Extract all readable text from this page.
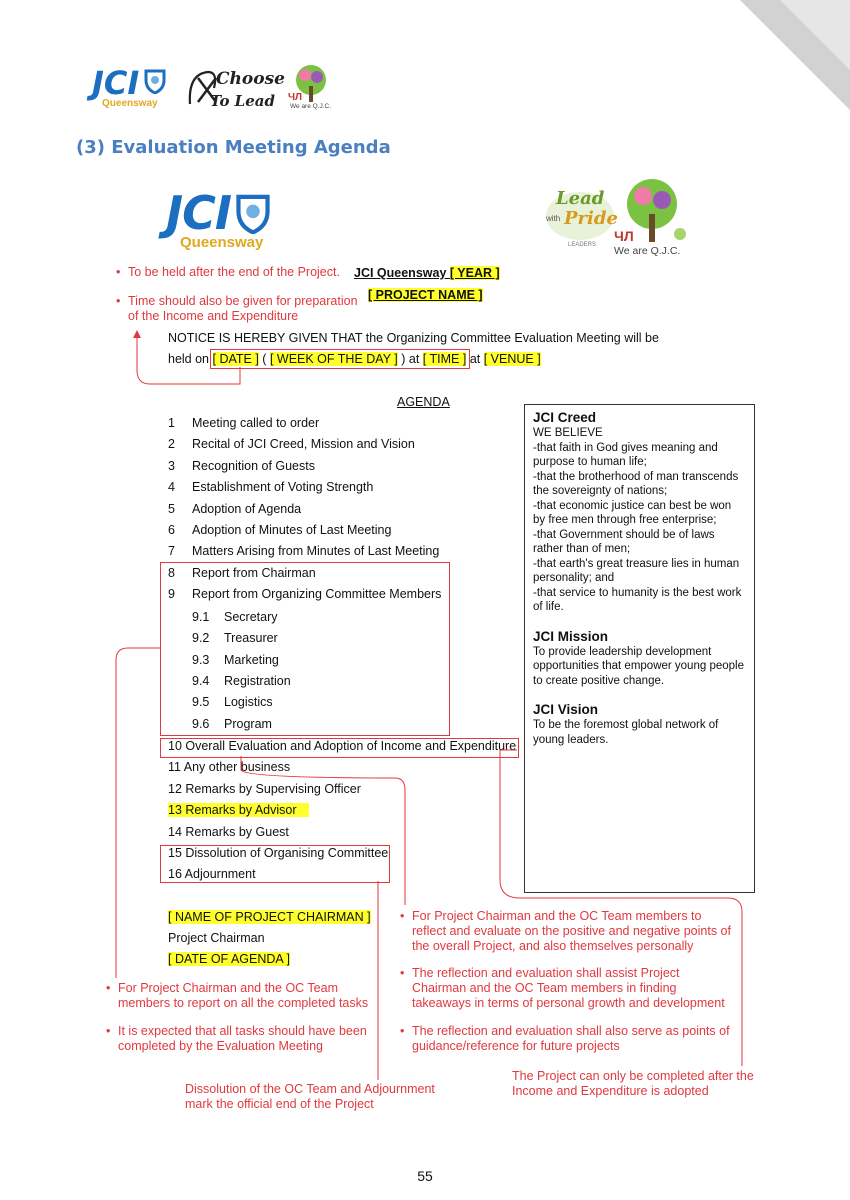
JCI
Queensway
Choose
To Lead ЧЛ
We are Q.J.C.
(3) Evaluation Meeting Agenda
JCI
Queensway
Lead
with Pride
LEADERS
ЧЛ
We are Q.J.C.
• To be held after the end of the Project.
• Time should also be given for preparation
of the Income and Expenditure
JCI Queensway [ YEAR ]
[ PROJECT NAME ]
NOTICE IS HEREBY GIVEN THAT the Organizing Committee Evaluation Meeting will be
held on [ DATE ] ( [ WEEK OF THE DAY ] ) at [ TIME ] at [ VENUE ]
AGENDA
1 Meeting called to order
2 Recital of JCI Creed, Mission and Vision
3 Recognition of Guests
4 Establishment of Voting Strength
5 Adoption of Agenda
6 Adoption of Minutes of Last Meeting
7 Matters Arising from Minutes of Last Meeting
8 Report from Chairman
9 Report from Organizing Committee Members
9.1 Secretary
9.2 Treasurer
9.3 Marketing
9.4 Registration
9.5 Logistics
9.6 Program
10 Overall Evaluation and Adoption of Income and Expenditure
11 Any other business
12 Remarks by Supervising Officer
13 Remarks by Advisor
14 Remarks by Guest
15 Dissolution of Organising Committee
16 Adjournment
[ NAME OF PROJECT CHAIRMAN ]
Project Chairman
[ DATE OF AGENDA ]
JCI Creed

WE BELIEVE

-that faith in God gives meaning and

purpose to human life;

-that the brotherhood of man transcends

the sovereignty of nations;

-that economic justice can best be won

by free men through free enterprise;

-that Government should be of laws

rather than of men;

-that earth's great treasure lies in human

personality; and

-that service to humanity is the best work

of life.

JCI Mission

To provide leadership development

opportunities that empower young people

to create positive change.

JCI Vision

To be the foremost global network of

young leaders.

• For Project Chairman and the OC Team
members to report on all the completed tasks
• It is expected that all tasks should have been
completed by the Evaluation Meeting
• For Project Chairman and the OC Team members to
reflect and evaluate on the positive and negative points of
the overall Project, and also themselves personally
• The reflection and evaluation shall assist Project
Chairman and the OC Team members in finding
takeaways in terms of personal growth and development
• The reflection and evaluation shall also serve as points of
guidance/reference for future projects
Dissolution of the OC Team and Adjournment
mark the official end of the Project
The Project can only be completed after the
Income and Expenditure is adopted
55
